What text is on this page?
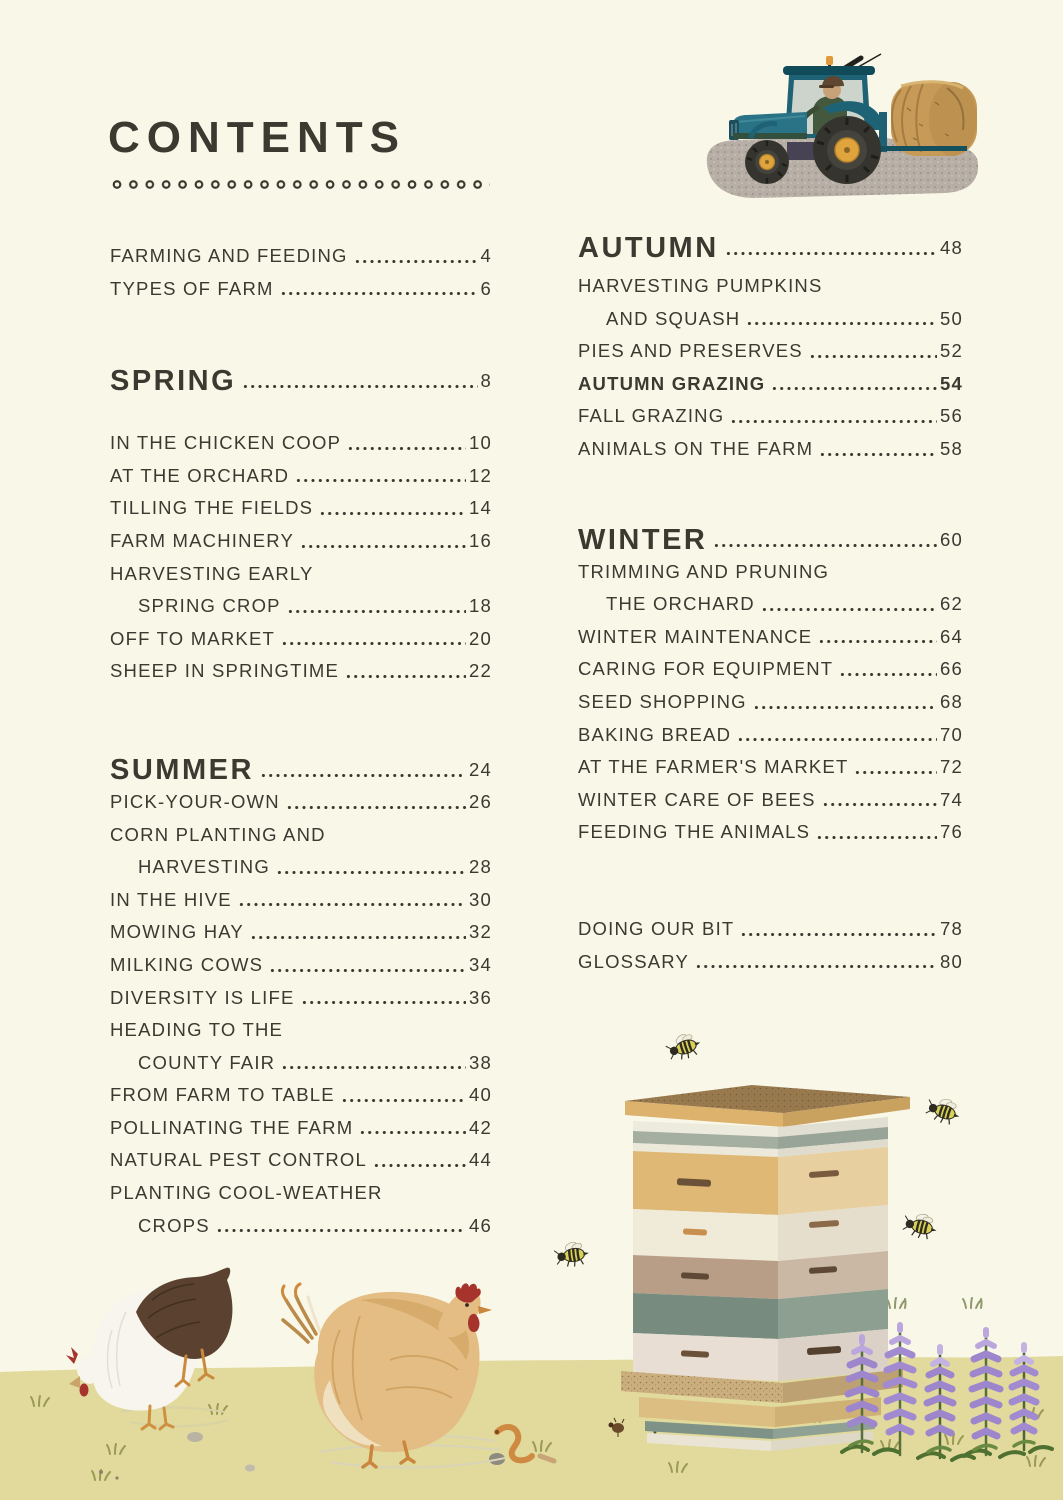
CONTENTS
FARMING AND FEEDING	4
TYPES OF FARM	6
SPRING	8
IN THE CHICKEN COOP	10
AT THE ORCHARD	12
TILLING THE FIELDS	14
FARM MACHINERY	16
HARVESTING EARLY
SPRING CROP	18
OFF TO MARKET	20
SHEEP IN SPRINGTIME	22
SUMMER	24
PICK-YOUR-OWN	26
CORN PLANTING AND
HARVESTING	28
IN THE HIVE	30
MOWING HAY	32
MILKING COWS	34
DIVERSITY IS LIFE	36
HEADING TO THE
COUNTY FAIR	38
FROM FARM TO TABLE	40
POLLINATING THE FARM	42
NATURAL PEST CONTROL	44
PLANTING COOL-WEATHER
CROPS	46
AUTUMN	48
HARVESTING PUMPKINS
AND SQUASH	50
PIES AND PRESERVES	52
AUTUMN GRAZING	54
FALL GRAZING	56
ANIMALS ON THE FARM	58
WINTER	60
TRIMMING AND PRUNING
THE ORCHARD	62
WINTER MAINTENANCE	64
CARING FOR EQUIPMENT	66
SEED SHOPPING	68
BAKING BREAD	70
AT THE FARMER'S MARKET	72
WINTER CARE OF BEES	74
FEEDING THE ANIMALS	76
DOING OUR BIT	78
GLOSSARY	80
